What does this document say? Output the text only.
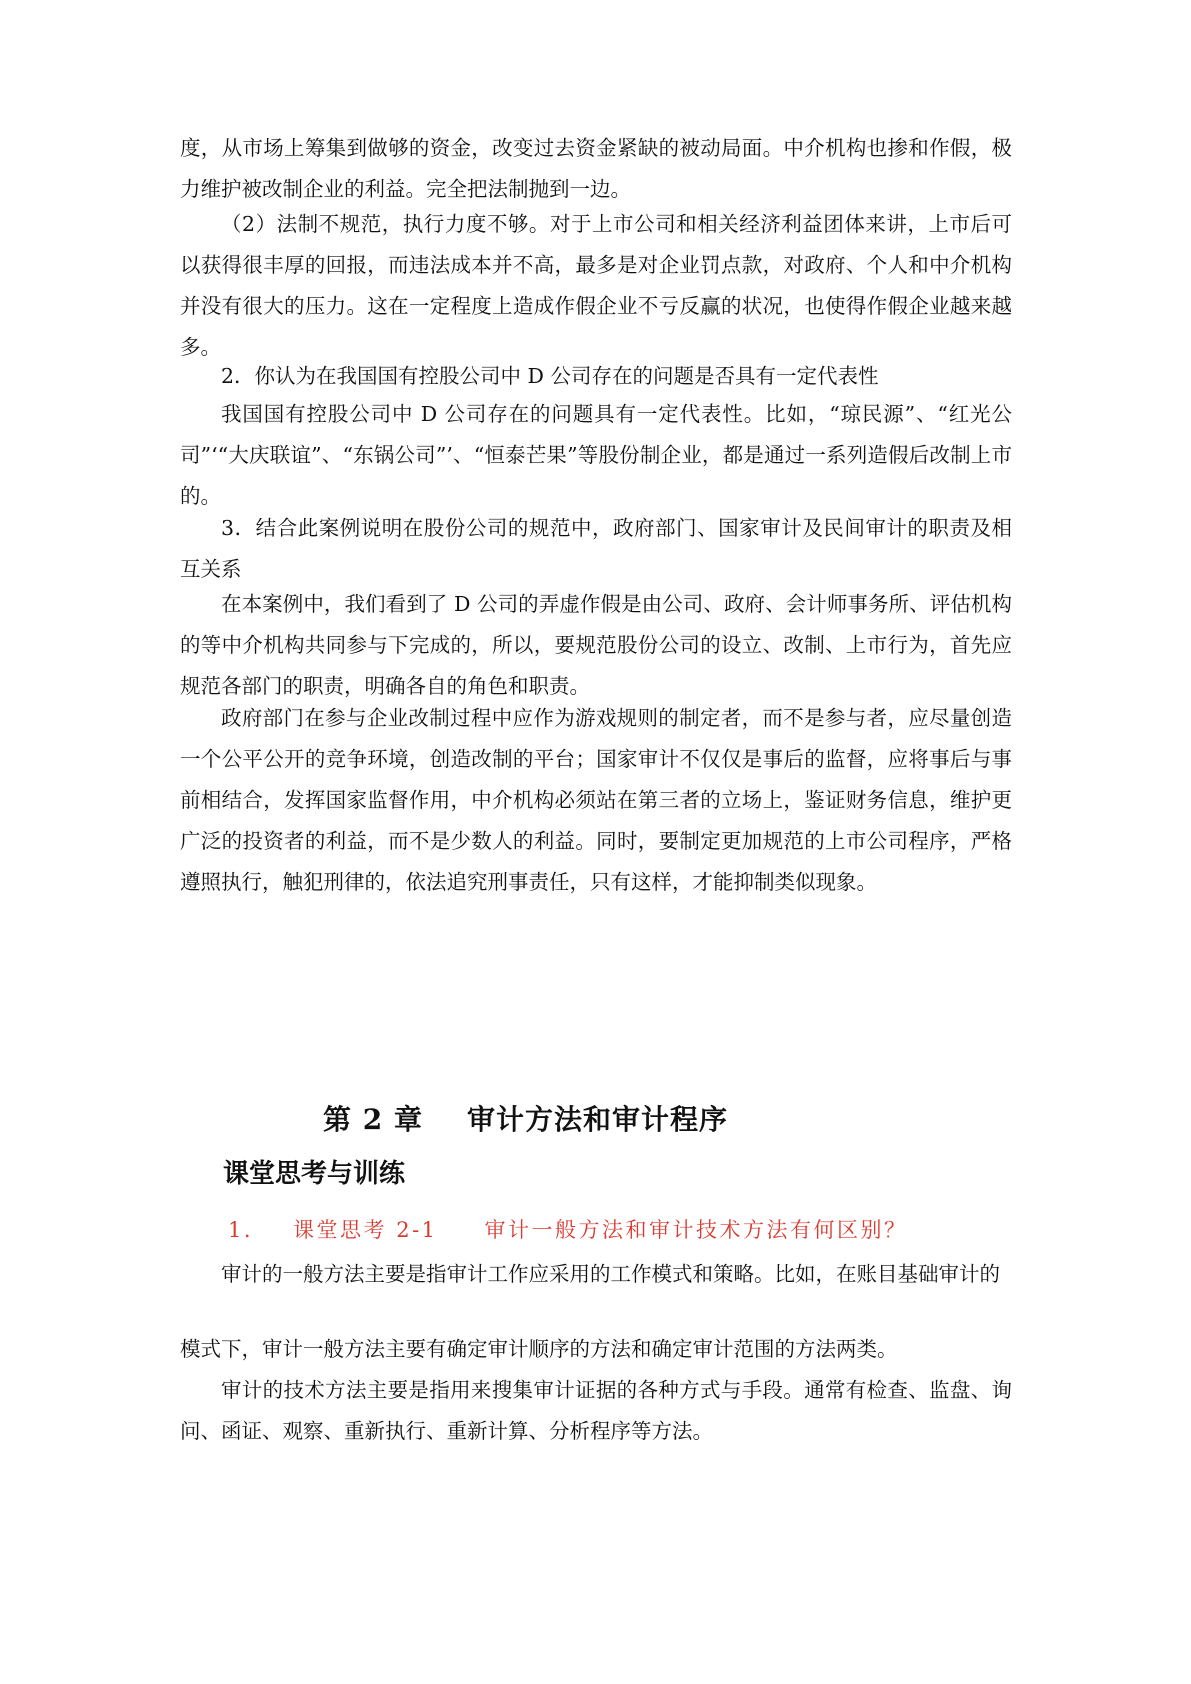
度，从市场上筹集到做够的资金，改变过去资金紧缺的被动局面。中介机构也掺和作假，极力维护被改制企业的利益。完全把法制抛到一边。

（2）法制不规范，执行力度不够。对于上市公司和相关经济利益团体来讲，上市后可以获得很丰厚的回报，而违法成本并不高，最多是对企业罚点款，对政府、个人和中介机构并没有很大的压力。这在一定程度上造成作假企业不亏反赢的状况，也使得作假企业越来越多。

2．你认为在我国国有控股公司中 D 公司存在的问题是否具有一定代表性

我国国有控股公司中 D 公司存在的问题具有一定代表性。比如，“琼民源”、“红光公司”‘“大庆联谊”、“东锅公司”’、“恒泰芒果”等股份制企业，都是通过一系列造假后改制上市的。

3．结合此案例说明在股份公司的规范中，政府部门、国家审计及民间审计的职责及相互关系

在本案例中，我们看到了 D 公司的弄虚作假是由公司、政府、会计师事务所、评估机构的等中介机构共同参与下完成的，所以，要规范股份公司的设立、改制、上市行为，首先应规范各部门的职责，明确各自的角色和职责。

政府部门在参与企业改制过程中应作为游戏规则的制定者，而不是参与者，应尽量创造一个公平公开的竞争环境，创造改制的平台；国家审计不仅仅是事后的监督，应将事后与事前相结合，发挥国家监督作用，中介机构必须站在第三者的立场上，鉴证财务信息，维护更广泛的投资者的利益，而不是少数人的利益。同时，要制定更加规范的上市公司程序，严格遵照执行，触犯刑律的，依法追究刑事责任，只有这样，才能抑制类似现象。

第 2 章 审计方法和审计程序
课堂思考与训练

1. 课堂思考 2-1　　审计一般方法和审计技术方法有何区别？

审计的一般方法主要是指审计工作应采用的工作模式和策略。比如，在账目基础审计的

模式下，审计一般方法主要有确定审计顺序的方法和确定审计范围的方法两类。

审计的技术方法主要是指用来搜集审计证据的各种方式与手段。通常有检查、监盘、询问、函证、观察、重新执行、重新计算、分析程序等方法。
